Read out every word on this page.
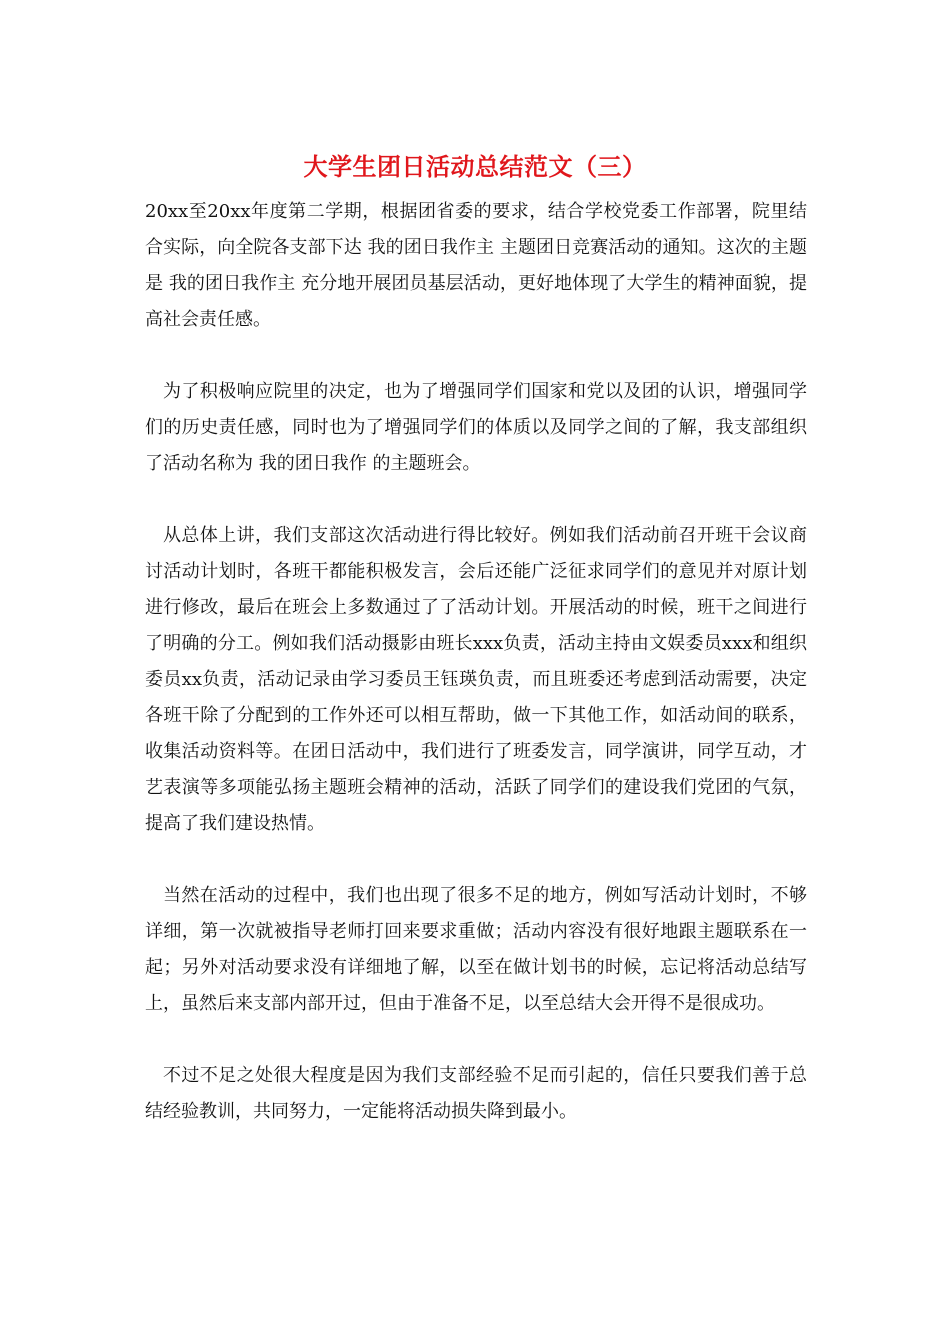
大学生团日活动总结范文（三）

20xx至20xx年度第二学期，根据团省委的要求，结合学校党委工作部署，院里结合实际，向全院各支部下达 我的团日我作主 主题团日竞赛活动的通知。这次的主题是 我的团日我作主 充分地开展团员基层活动，更好地体现了大学生的精神面貌，提高社会责任感。

为了积极响应院里的决定，也为了增强同学们国家和党以及团的认识，增强同学们的历史责任感，同时也为了增强同学们的体质以及同学之间的了解，我支部组织了活动名称为 我的团日我作 的主题班会。

从总体上讲，我们支部这次活动进行得比较好。例如我们活动前召开班干会议商讨活动计划时，各班干都能积极发言，会后还能广泛征求同学们的意见并对原计划进行修改，最后在班会上多数通过了了活动计划。开展活动的时候，班干之间进行了明确的分工。例如我们活动摄影由班长xxx负责，活动主持由文娱委员xxx和组织委员xx负责，活动记录由学习委员王钰瑛负责，而且班委还考虑到活动需要，决定各班干除了分配到的工作外还可以相互帮助，做一下其他工作，如活动间的联系，收集活动资料等。在团日活动中，我们进行了班委发言，同学演讲，同学互动，才艺表演等多项能弘扬主题班会精神的活动，活跃了同学们的建设我们党团的气氛，提高了我们建设热情。

当然在活动的过程中，我们也出现了很多不足的地方，例如写活动计划时，不够详细，第一次就被指导老师打回来要求重做；活动内容没有很好地跟主题联系在一起；另外对活动要求没有详细地了解，以至在做计划书的时候，忘记将活动总结写上，虽然后来支部内部开过，但由于准备不足，以至总结大会开得不是很成功。

不过不足之处很大程度是因为我们支部经验不足而引起的，信任只要我们善于总结经验教训，共同努力，一定能将活动损失降到最小。
